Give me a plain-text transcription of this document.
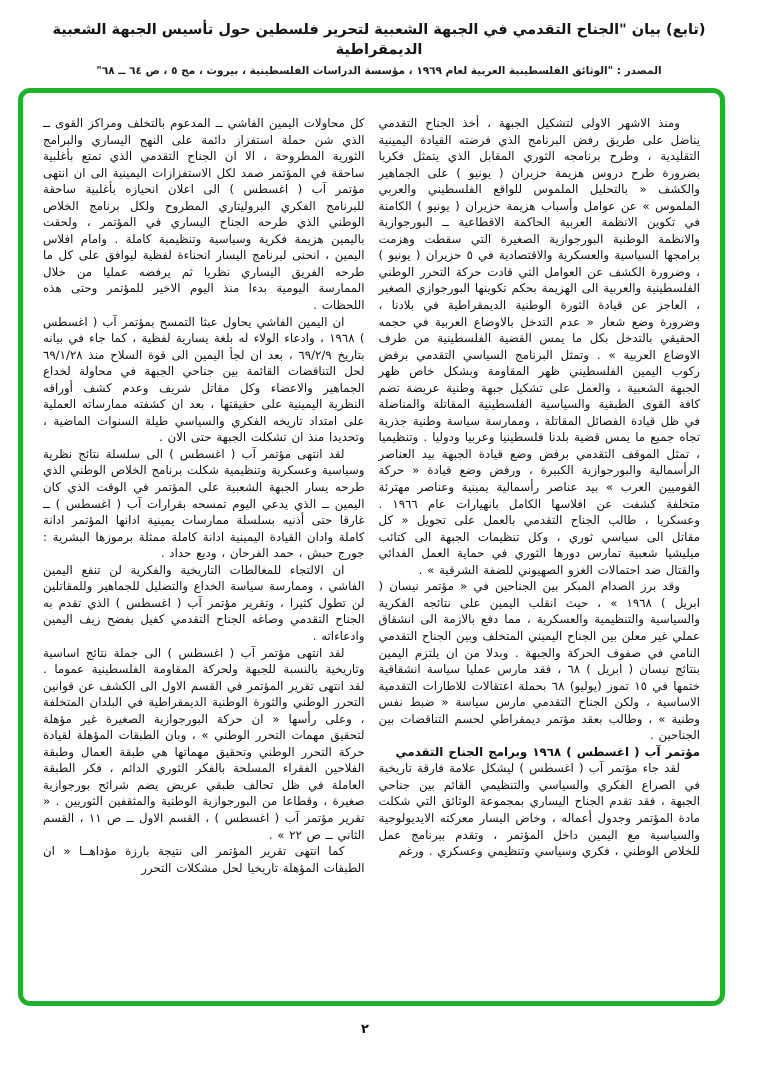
(تابع) بيان "الجناح التقدمي في الجبهة الشعبية لتحرير فلسطين حول تأسيس الجبهة الشعبية الديمقراطية
المصدر : "الوثائق الفلسطينية العربية لعام ١٩٦٩ ، مؤسسة الدراسات الفلسطينية ، بيروت ، مج ٥ ، ص ٦٤ ــ ٦٨"

ومنذ الاشهر الاولى لتشكيل الجبهة ، أخذ الجناح التقدمي يناضل على طريق رفض البرنامج الذي فرضته القيادة اليمينية التقليدية ، وطرح برنامجه الثوري المقابل الذي يتمثل فكريا بضرورة طرح دروس هزيمة حزيران ( يونيو ) على الجماهير والكشف « بالتحليل الملموس للواقع الفلسطيني والعربي الملموس » عن عوامل وأسباب هزيمة حزيران ( يونيو ) الكامنة في تكوين الانظمة العربية الحاكمة الاقطاعية ــ البورجوازية والانظمة الوطنية البورجوازية الصغيرة التي سقطت وهزمت برامجها السياسية والعسكرية والاقتصادية في ٥ حزيران ( يونيو ) ، وضرورة الكشف عن العوامل التي قادت حركة التحرر الوطني الفلسطينية والعربية الى الهزيمة بحكم تكوينها البورجوازي الصغير ، العاجز عن قيادة الثورة الوطنية الديمقراطية في بلادنا ، وضرورة وضع شعار « عدم التدخل بالاوضاع العربية في حجمه الحقيقي بالتدخل بكل ما يمس القضية الفلسطينية من طرف الاوضاع العربية » . وتمثل البرنامج السياسي التقدمي برفض ركوب اليمين الفلسطيني ظهر المقاومة وبشكل خاص ظهر الجبهة الشعبية ، والعمل على تشكيل جبهة وطنية عريضة تضم كافة القوى الطبقية والسياسية الفلسطينية المقاتلة والمناضلة في ظل قيادة الفصائل المقاتلة ، وممارسة سياسة وطنية جذرية تجاه جميع ما يمس قضية بلدنا فلسطينيا وعربيا ودوليا . وتنظيميا ، تمثل الموقف التقدمي برفض وضع قيادة الجبهة بيد العناصر الرأسمالية والبورجوازية الكبيرة ، ورفض وضع قيادة « حركة القوميين العرب » بيد عناصر رأسمالية يمينية وعناصر مهترئة متخلفة كشفت عن افلاسها الكامل بانهيارات عام ١٩٦٦ . وعسكريا ، طالب الجناح التقدمي بالعمل على تحويل « كل مقاتل الى سياسي ثوري ، وكل تنظيمات الجبهة الى كتائب ميليشيا شعبية تمارس دورها الثوري في حماية العمل الفدائي والقتال ضد احتمالات الغزو الصهيوني للضفة الشرقية » .

وقد برز الصدام المبكر بين الجناحين في « مؤتمر نيسان ( ابريل ) ١٩٦٨ » ، حيث انقلب اليمين على نتائجه الفكرية والسياسية والتنظيمية والعسكرية ، مما دفع بالازمة الى انشقاق عملي غير معلن بين الجناح اليميني المتخلف وبين الجناح التقدمي النامي في صفوف الحركة والجبهة . وبدلا من ان يلتزم اليمين بنتائج نيسان ( ابريل ) ٦٨ ، فقد مارس عمليا سياسة انشقاقية ختمها في ١٥ تموز (يوليو) ٦٨ بحملة اعتقالات للاطارات التقدمية الاساسية ، ولكن الجناح التقدمي مارس سياسة « ضبط نفس وطنية » ، وطالب بعقد مؤتمر ديمقراطي لحسم التناقضات بين الجناحين .

مؤتمر آب ( اغسطس ) ١٩٦٨ وبرامج الجناح التقدمي

لقد جاء مؤتمر آب ( اغسطس ) ليشكل علامة فارقة تاريخية في الصراع الفكري والسياسي والتنظيمي القائم بين جناحي الجبهة ، فقد تقدم الجناح اليساري بمجموعة الوثائق التي شكلت مادة المؤتمر وجدول أعماله ، وخاض اليسار معركته الايديولوجية والسياسية مع اليمين داخل المؤتمر ، وتقدم ببرنامج عمل للخلاص الوطني ، فكري وسياسي وتنظيمي وعسكري . ورغم

كل محاولات اليمين الفاشي ــ المدعوم بالتخلف ومراكز القوى ــ الذي شن حملة استفزاز دائمة على النهج اليساري والبرامج الثورية المطروحة ، الا ان الجناح التقدمي الذي تمتع بأغلبية ساحقة في المؤتمر صمد لكل الاستفزازات اليمينية الى ان انتهى مؤتمر آب ( اغسطس ) الى اعلان انحيازه بأغلبية ساحقة للبرنامج الفكري البروليتاري المطروح ولكل برنامج الخلاص الوطني الذي طرحه الجناح اليساري في المؤتمر ، ولحقت باليمين هزيمة فكرية وسياسية وتنظيمية كاملة . وامام افلاس اليمين ، انحنى لبرنامج اليسار انحناءة لفظية ليوافق على كل ما طرحه الفريق اليساري نظريا ثم يرفضه عمليا من خلال الممارسة اليومية بدءا منذ اليوم الاخير للمؤتمر وحتى هذه اللحظات .

ان اليمين الفاشي يحاول عبثا التمسح بمؤتمر آب ( اغسطس ) ١٩٦٨ ، وادعاء الولاء له بلغة يسارية لفظية ، كما جاء في بيانه بتاريخ ٦٩/٢/٩ ، بعد ان لجأ اليمين الى قوة السلاح منذ ٦٩/١/٢٨ لحل التناقضات القائمة بين جناحي الجبهة في محاولة لخداع الجماهير والاعضاء وكل مقاتل شريف وعدم كشف أوراقه النظرية اليمينية على حقيقتها ، بعد ان كشفته ممارساته العملية على امتداد تاريخه الفكري والسياسي طيلة السنوات الماضية ، وتحديدا منذ ان تشكلت الجبهة حتى الان .

لقد انتهى مؤتمر آب ( اغسطس ) الى سلسلة نتائج نظرية وسياسية وعسكرية وتنظيمية شكلت برنامج الخلاص الوطني الذي طرحه يسار الجبهة الشعبية على المؤتمر في الوقت الذي كان اليمين ــ الذي يدعي اليوم تمسحه بقرارات آب ( اغسطس ) ــ غارقا حتى أذنيه بسلسلة ممارسات يمينية ادانها المؤتمر ادانة كاملة وادان القيادة اليمينية ادانة كاملة ممثلة برموزها البشرية : جورج حبش ، حمد الفرحان ، وديع حداد .

ان الالتجاء للمغالطات التاريخية والفكرية لن تنفع اليمين الفاشي ، وممارسة سياسة الخداع والتضليل للجماهير وللمقاتلين لن تطول كثيرا ، وتقرير مؤتمر آب ( اغسطس ) الذي تقدم به الجناح التقدمي وصاغه الجناح التقدمي كفيل بفضح زيف اليمين وادعاءاته .

لقد انتهى مؤتمر آب ( اغسطس ) الى جملة نتائج اساسية وتاريخية بالنسبة للجبهة ولحركة المقاومة الفلسطينية عموما . لقد انتهى تقرير المؤتمر في القسم الاول الى الكشف عن قوانين التحرر الوطني والثورة الوطنية الديمقراطية في البلدان المتخلفة ، وعلى رأسها « ان حركة البورجوازية الصغيرة غير مؤهلة لتحقيق مهمات التحرر الوطني » ، وبان الطبقات المؤهلة لقيادة حركة التحرر الوطني وتحقيق مهماتها هي طبقة العمال وطبقة الفلاحين الفقراء المسلحة بالفكر الثوري الدائم ، فكر الطبقة العاملة في ظل تحالف طبقي عريض يضم شرائح بورجوازية صغيرة ، وقطاعا من البورجوازية الوطنية والمثقفين الثوريين . « تقرير مؤتمر آب ( اغسطس ) ، القسم الاول ــ ص ١١ ، القسم الثاني ــ ص ٢٢ » .

كما انتهى تقرير المؤتمر الى نتيجة بارزة مؤداهــا « ان الطبقات المؤهلة تاريخيا لحل مشكلات التحرر

٢
